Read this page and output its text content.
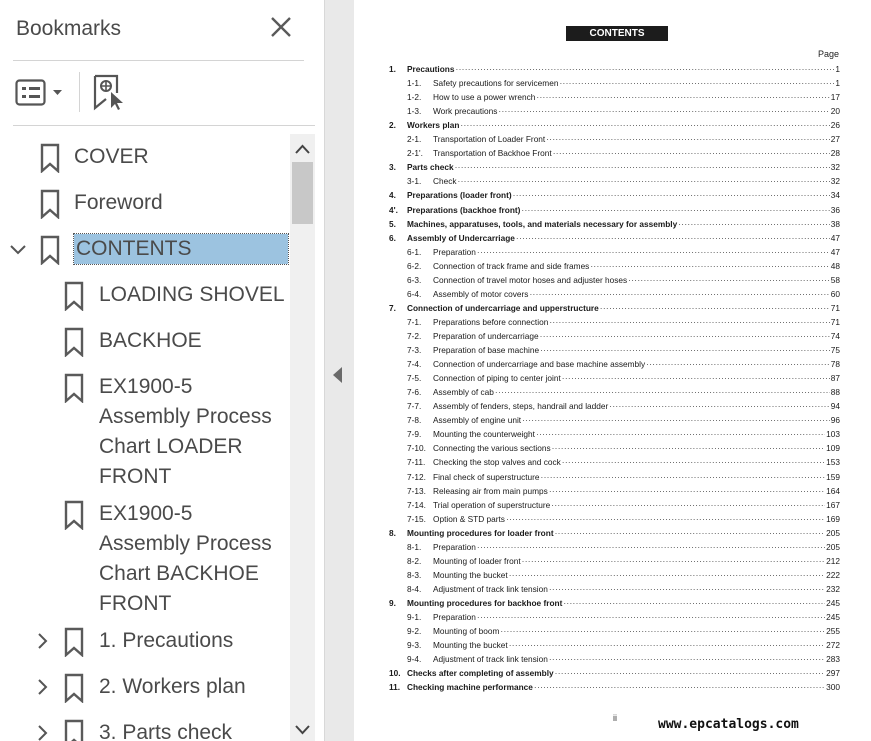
Bookmarks
COVER
Foreword
CONTENTS
LOADING SHOVEL
BACKHOE
EX1900-5
Assembly Process
Chart LOADER
FRONT
EX1900-5
Assembly Process
Chart BACKHOE
FRONT
1. Precautions
2. Workers plan
3. Parts check
CONTENTS
Page
1.	Precautions ·····	1
1-1.	Safety precautions for servicemen ·····	1
1-2.	How to use a power wrench ·····	17
1-3.	Work precautions ·····	20
2.	Workers plan ·····	26
2-1.	Transportation of Loader Front ·····	27
2-1'.	Transportation of Backhoe Front ·····	28
3.	Parts check ·····	32
3-1.	Check ·····	32
4.	Preparations (loader front) ·····	34
4'.	Preparations (backhoe front) ·····	36
5.	Machines, apparatuses, tools, and materials necessary for assembly ·····	38
6.	Assembly of Undercarriage ·····	47
6-1.	Preparation ·····	47
6-2.	Connection of track frame and side frames ·····	48
6-3.	Connection of travel motor hoses and adjuster hoses ·····	58
6-4.	Assembly of motor covers ·····	60
7.	Connection of undercarriage and upperstructure ·····	71
7-1.	Preparations before connection ·····	71
7-2.	Preparation of undercarriage ·····	74
7-3.	Preparation of base machine ·····	75
7-4.	Connection of undercarriage and base machine assembly ·····	78
7-5.	Connection of piping to center joint ·····	87
7-6.	Assembly of cab ·····	88
7-7.	Assembly of fenders, steps, handrail and ladder ·····	94
7-8.	Assembly of engine unit ·····	96
7-9.	Mounting the counterweight ·····	103
7-10. Connecting the various sections ·····	109
7-11. Checking the stop valves and cock ·····	153
7-12. Final check of superstructure ·····	159
7-13. Releasing air from main pumps ·····	164
7-14. Trial operation of superstructure ·····	167
7-15. Option & STD parts ·····	169
8.	Mounting procedures for loader front ·····	205
8-1.	Preparation ·····	205
8-2.	Mounting of loader front ·····	212
8-3.	Mounting the bucket ·····	222
8-4.	Adjustment of track link tension ·····	232
9.	Mounting procedures for backhoe front ·····	245
9-1.	Preparation ·····	245
9-2.	Mounting of boom ·····	255
9-3.	Mounting the bucket ·····	272
9-4.	Adjustment of track link tension ·····	283
10. Checks after completing of assembly ·····	297
11. Checking machine performance ·····	300
ii	www.epcatalogs.com
